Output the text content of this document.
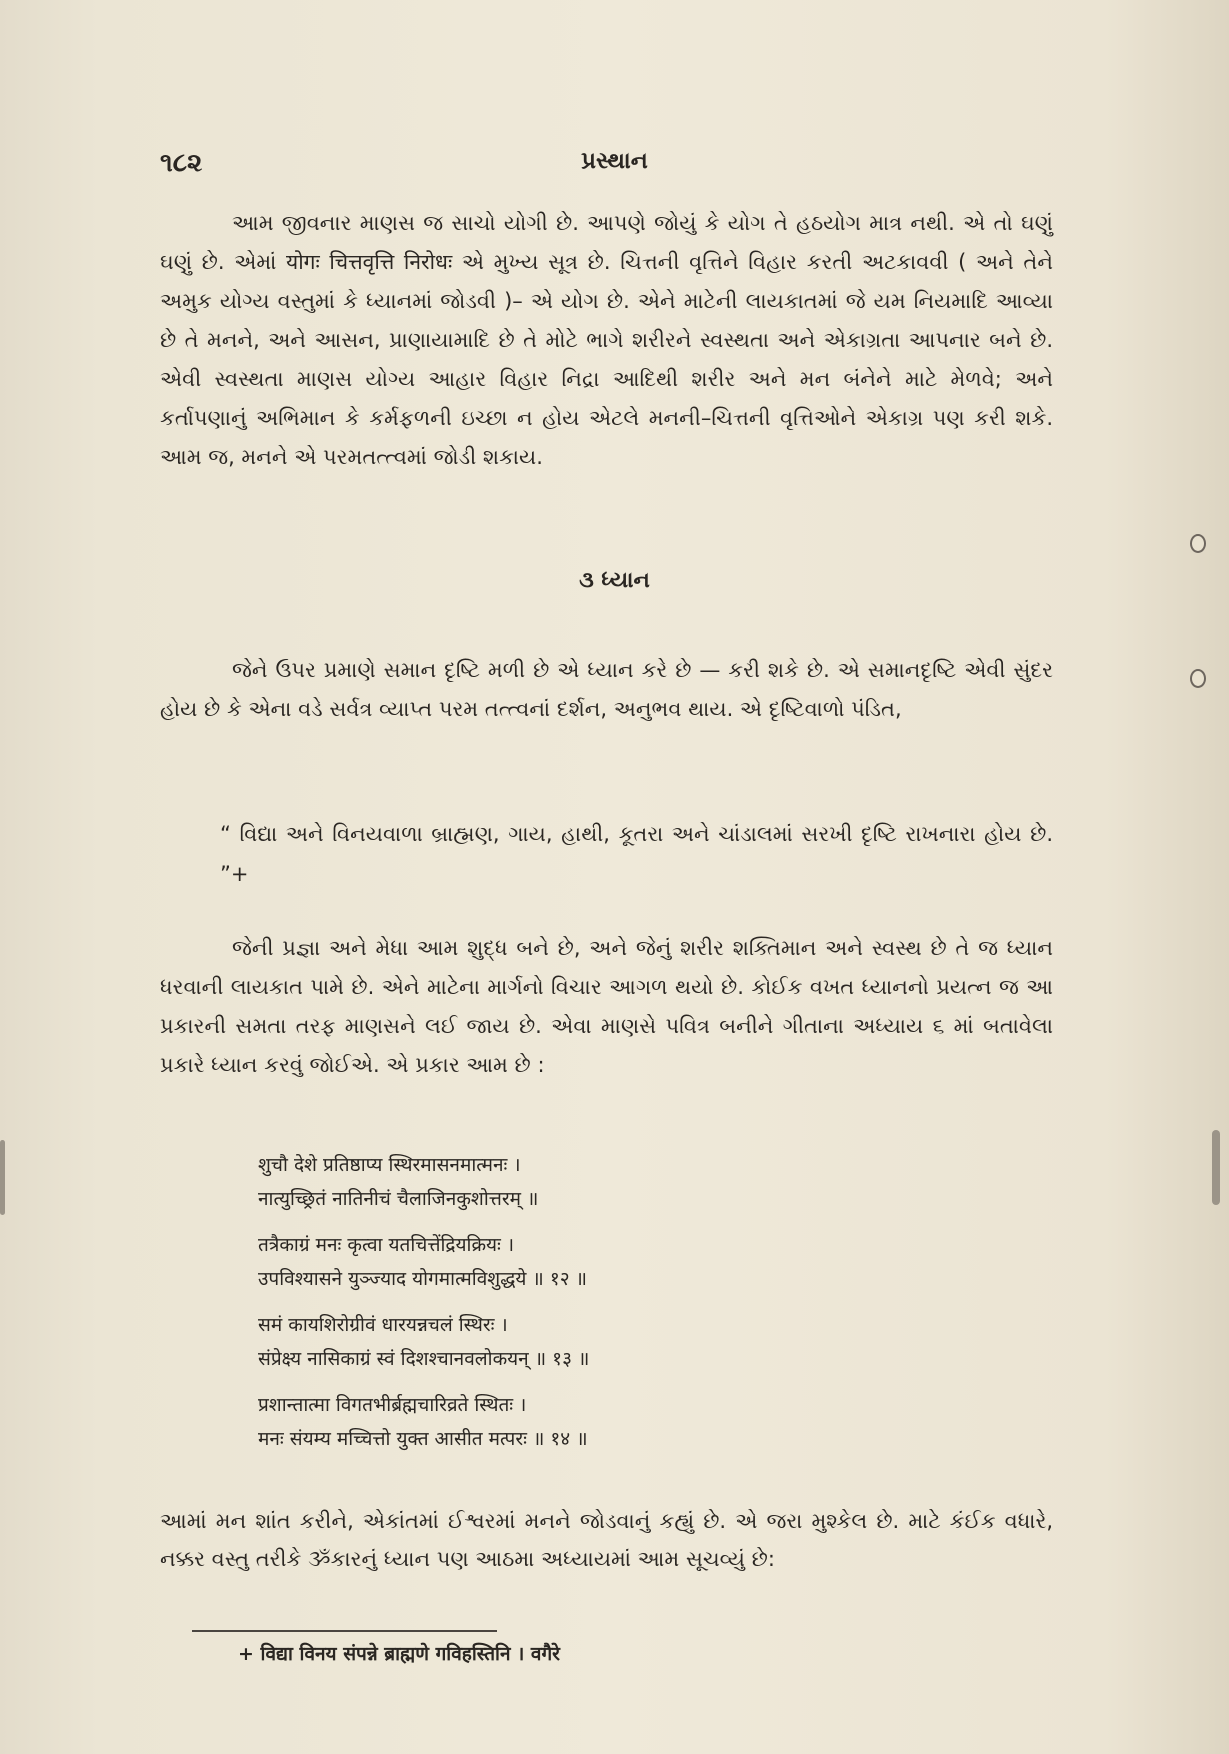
૧૮૨	પ્રસ્થાન

આમ જીવનાર માણસ જ સાચો યોગી છે. આપણે જોયું કે યોગ તે હઠયોગ માત્ર નથી. એ તો ઘણું ઘણું છે. એમાં योगः चित्तवृत्ति निरोधः એ મુખ્ય સૂત્ર છે. ચિત્તની વૃત્તિને વિહાર કરતી અટકાવવી ( અને તેને અમુક યોગ્ય વસ્તુમાં કે ધ્યાનમાં જોડવી )– એ યોગ છે. એને માટેની લાયકાતમાં જે યમ નિયમાદિ આવ્યા છે તે મનને, અને આસન, પ્રાણાયામાદિ છે તે મોટે ભાગે શરીરને સ્વસ્થતા અને એકાગ્રતા આપનાર બને છે. એવી સ્વસ્થતા માણસ યોગ્ય આહાર વિહાર નિદ્રા આદિથી શરીર અને મન બંનેને માટે મેળવે; અને કર્તાપણાનું અભિમાન કે કર્મફળની ઇચ્છા ન હોય એટલે મનની–ચિત્તની વૃત્તિઓને એકાગ્ર પણ કરી શકે. આમ જ, મનને એ પરમતત્ત્વમાં જોડી શકાય.

૩ ધ્યાન

જેને ઉપર પ્રમાણે સમાન દૃષ્ટિ મળી છે એ ધ્યાન કરે છે — કરી શકે છે. એ સમાનદૃષ્ટિ એવી સુંદર હોય છે કે એના વડે સર્વત્ર વ્યાપ્ત પરમ તત્ત્વનાં દર્શન, અનુભવ થાય. એ દૃષ્ટિવાળો પંડિત,

“ વિદ્યા અને વિનયવાળા બ્રાહ્મણ, ગાય, હાથી, કૂતરા અને ચાંડાલમાં સરખી દૃષ્ટિ રાખનારા હોય છે. ”+

જેની પ્રજ્ઞા અને મેધા આમ શુદ્ધ બને છે, અને જેનું શરીર શક્તિમાન અને સ્વસ્થ છે તે જ ધ્યાન ધરવાની લાયકાત પામે છે. એને માટેના માર્ગનો વિચાર આગળ થયો છે. કોઈક વખત ધ્યાનનો પ્રયત્ન જ આ પ્રકારની સમતા તરફ માણસને લઈ જાય છે. એવા માણસે પવિત્ર બનીને ગીતાના અધ્યાય ૬ માં બતાવેલા પ્રકારે ધ્યાન કરવું જોઈએ. એ પ્રકાર આમ છે :

शुचौ देशे प्रतिष्ठाप्य स्थिरमासनमात्मनः ।
नात्युच्छ्रितं नातिनीचं चैलाजिनकुशोत्तरम् ॥
तत्रैकाग्रं मनः कृत्वा यतचित्तेंद्रियक्रियः ।
उपविश्यासने युञ्ज्याद योगमात्मविशुद्धये ॥ १२ ॥
समं कायशिरोग्रीवं धारयन्नचलं स्थिरः ।
संप्रेक्ष्य नासिकाग्रं स्वं दिशश्चानवलोकयन् ॥ १३ ॥
प्रशान्तात्मा विगतभीर्ब्रह्मचारिव्रते स्थितः ।
मनः संयम्य मच्चित्तो युक्त आसीत मत्परः ॥ १४ ॥

આમાં મન શાંત કરીને, એકાંતમાં ઈશ્વરમાં મનને જોડવાનું કહ્યું છે. એ જરા મુશ્કેલ છે. માટે કંઈક વધારે, નક્કર વસ્તુ તરીકે ૐકારનું ધ્યાન પણ આઠમા અધ્યાયમાં આમ સૂચવ્યું છે:

+ विद्या विनय संपन्ने ब्राह्मणे गविहस्तिनि । वगैरे
